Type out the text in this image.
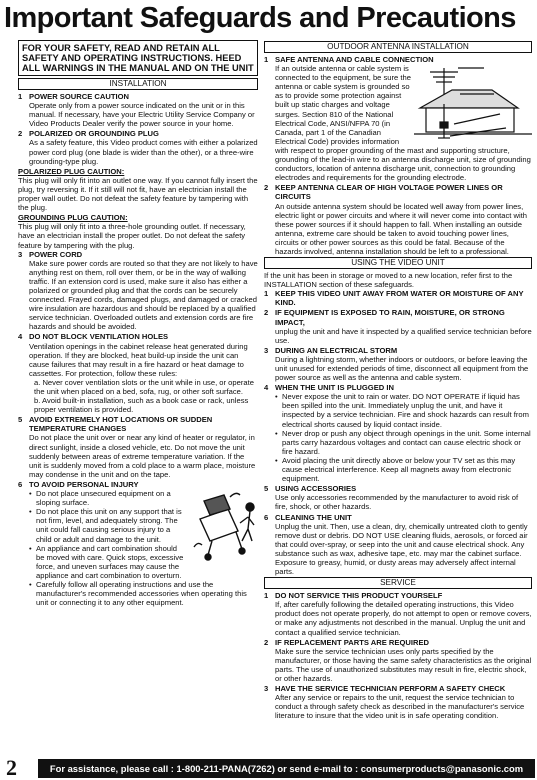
Important Safeguards and Precautions
FOR YOUR SAFETY, READ AND RETAIN ALL SAFETY AND OPERATING INSTRUCTIONS. HEED ALL WARNINGS IN THE MANUAL AND ON THE UNIT
INSTALLATION
1 POWER SOURCE CAUTION
Operate only from a power source indicated on the unit or in this manual. If necessary, have your Electric Utility Service Company or Video Products Dealer verify the power source in your home.
2 POLARIZED OR GROUNDING PLUG
As a safety feature, this Video product comes with either a polarized power cord plug (one blade is wider than the other), or a three-wire grounding-type plug.
POLARIZED PLUG CAUTION:
This plug will only fit into an outlet one way. If you cannot fully insert the plug, try reversing it. If it still will not fit, have an electrician install the proper wall outlet. Do not defeat the safety feature by tampering with the plug.
GROUNDING PLUG CAUTION:
This plug will only fit into a three-hole grounding outlet. If necessary, have an electrician install the proper outlet. Do not defeat the safety feature by tampering with the plug.
3 POWER CORD
Make sure power cords are routed so that they are not likely to have anything rest on them, roll over them, or be in the way of walking traffic. If an extension cord is used, make sure it also has either a polarized or grounded plug and that the cords can be securely connected. Frayed cords, damaged plugs, and damaged or cracked wire insulation are hazardous and should be replaced by a qualified service technician. Overloaded outlets and extension cords are fire hazards and should be avoided.
4 DO NOT BLOCK VENTILATION HOLES
Ventilation openings in the cabinet release heat generated during operation. If they are blocked, heat build-up inside the unit can cause failures that may result in a fire hazard or heat damage to cassettes. For protection, follow these rules:
a. Never cover ventilation slots or the unit while in use, or operate the unit when placed on a bed, sofa, rug, or other soft surface.
b. Avoid built-in installation, such as a book case or rack, unless proper ventilation is provided.
5 AVOID EXTREMELY HOT LOCATIONS OR SUDDEN TEMPERATURE CHANGES
Do not place the unit over or near any kind of heater or regulator, in direct sunlight, inside a closed vehicle, etc. Do not move the unit suddenly between areas of extreme temperature variation. If the unit is suddenly moved from a cold place to a warm place, moisture may condense in the unit and on the tape.
6 TO AVOID PERSONAL INJURY
• Do not place unsecured equipment on a sloping surface.
• Do not place this unit on any support that is not firm, level, and adequately strong. The unit could fall causing serious injury to a child or adult and damage to the unit.
• An appliance and cart combination should be moved with care. Quick stops, excessive force, and uneven surfaces may cause the appliance and cart combination to overturn.
• Carefully follow all operating instructions and use the manufacturer's recommended accessories when operating this unit or connecting it to any other equipment.
OUTDOOR ANTENNA INSTALLATION
1 SAFE ANTENNA AND CABLE CONNECTION
If an outside antenna or cable system is connected to the equipment, be sure the antenna or cable system is grounded so as to provide some protection against built up static charges and voltage surges. Section 810 of the National Electrical Code, ANSI/NFPA 70 (in Canada, part 1 of the Canadian Electrical Code) provides information with respect to proper grounding of the mast and supporting structure, grounding of the lead-in wire to an antenna discharge unit, size of grounding conductors, location of antenna discharge unit, connection to grounding electrodes and requirements for the grounding electrode.
2 KEEP ANTENNA CLEAR OF HIGH VOLTAGE POWER LINES OR CIRCUITS
An outside antenna system should be located well away from power lines, electric light or power circuits and where it will never come into contact with these power sources if it should happen to fall. When installing an outside antenna, extreme care should be taken to avoid touching power lines, circuits or other power sources as this could be fatal. Because of the hazards involved, antenna installation should be left to a professional.
USING THE VIDEO UNIT
If the unit has been in storage or moved to a new location, refer first to the INSTALLATION section of these safeguards.
1 KEEP THIS VIDEO UNIT AWAY FROM WATER OR MOISTURE OF ANY KIND.
2 IF EQUIPMENT IS EXPOSED TO RAIN, MOISTURE, OR STRONG IMPACT,
unplug the unit and have it inspected by a qualified service technician before use.
3 DURING AN ELECTRICAL STORM
During a lightning storm, whether indoors or outdoors, or before leaving the unit unused for extended periods of time, disconnect all equipment from the power source as well as the antenna and cable system.
4 WHEN THE UNIT IS PLUGGED IN
• Never expose the unit to rain or water. DO NOT OPERATE if liquid has been spilled into the unit. Immediately unplug the unit, and have it inspected by a service technician. Fire and shock hazards can result from electrical shorts caused by liquid contact inside.
• Never drop or push any object through openings in the unit. Some internal parts carry hazardous voltages and contact can cause electric shock or fire hazard.
• Avoid placing the unit directly above or below your TV set as this may cause electrical interference. Keep all magnets away from electronic equipment.
5 USING ACCESSORIES
Use only accessories recommended by the manufacturer to avoid risk of fire, shock, or other hazards.
6 CLEANING THE UNIT
Unplug the unit. Then, use a clean, dry, chemically untreated cloth to gently remove dust or debris. DO NOT USE cleaning fluids, aerosols, or forced air that could over-spray, or seep into the unit and cause electrical shock. Any substance such as wax, adhesive tape, etc. may mar the cabinet surface. Exposure to greasy, humid, or dusty areas may adversely affect internal parts.
SERVICE
1 DO NOT SERVICE THIS PRODUCT YOURSELF
If, after carefully following the detailed operating instructions, this Video product does not operate properly, do not attempt to open or remove covers, or make any adjustments not described in the manual. Unplug the unit and contact a qualified service technician.
2 IF REPLACEMENT PARTS ARE REQUIRED
Make sure the service technician uses only parts specified by the manufacturer, or those having the same safety characteristics as the original parts. The use of unauthorized substitutes may result in fire, electric shock, or other hazards.
3 HAVE THE SERVICE TECHNICIAN PERFORM A SAFETY CHECK
After any service or repairs to the unit, request the service technician to conduct a through safety check as described in the manufacturer's service literature to insure that the video unit is in safe operating condition.
2	For assistance, please call : 1-800-211-PANA(7262) or send e-mail to : consumerproducts@panasonic.com
